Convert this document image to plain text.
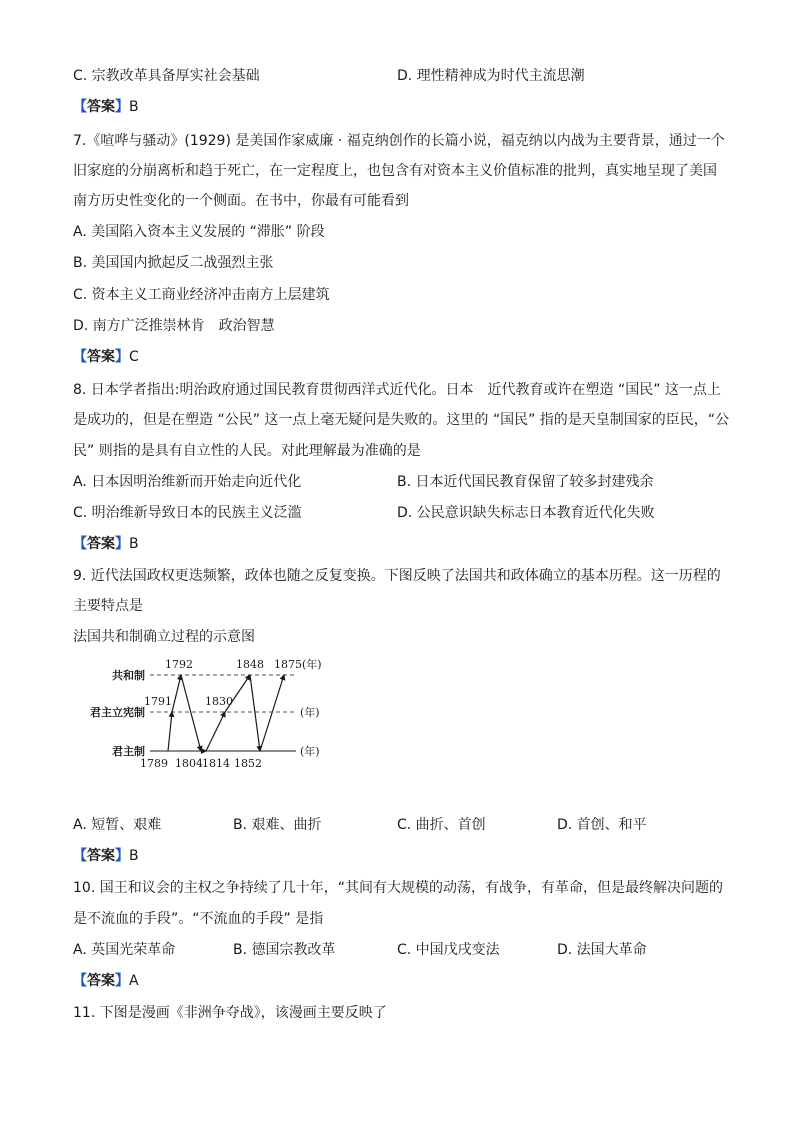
C. 宗教改革具备厚实社会基础	D. 理性精神成为时代主流思潮
【答案】B
7.《喧哗与骚动》(1929) 是美国作家威廉 · 福克纳创作的长篇小说，福克纳以内战为主要背景，通过一个
旧家庭的分崩离析和趋于死亡，在一定程度上，也包含有对资本主义价值标准的批判，真实地呈现了美国
南方历史性变化的一个侧面。在书中，你最有可能看到
A. 美国陷入资本主义发展的 “滞胀” 阶段
B. 美国国内掀起反二战强烈主张
C. 资本主义工商业经济冲击南方上层建筑
D. 南方广泛推崇林肯　政治智慧
【答案】C
8. 日本学者指出:明治政府通过国民教育贯彻西洋式近代化。日本　近代教育或许在塑造 “国民” 这一点上
是成功的，但是在塑造 “公民” 这一点上毫无疑问是失败的。这里的 “国民” 指的是天皇制国家的臣民，“公
民” 则指的是具有自立性的人民。对此理解最为准确的是
A. 日本因明治维新而开始走向近代化	B. 日本近代国民教育保留了较多封建残余
C. 明治维新导致日本的民族主义泛滥	D. 公民意识缺失标志日本教育近代化失败
【答案】B
9. 近代法国政权更迭频繁，政体也随之反复变换。下图反映了法国共和政体确立的基本历程。这一历程的
主要特点是
法国共和制确立过程的示意图
共和制
君主立宪制
君主制
1789
1791
1792
1804 1814
1830
1848
1852
1875(年)
(年)
(年)
A. 短暂、艰难	B. 艰难、曲折	C. 曲折、首创	D. 首创、和平
【答案】B
10. 国王和议会的主权之争持续了几十年，“其间有大规模的动荡，有战争，有革命，但是最终解决问题的
是不流血的手段”。“不流血的手段” 是指
A. 英国光荣革命	B. 德国宗教改革	C. 中国戊戌变法	D. 法国大革命
【答案】A
11. 下图是漫画《非洲争夺战》，该漫画主要反映了
